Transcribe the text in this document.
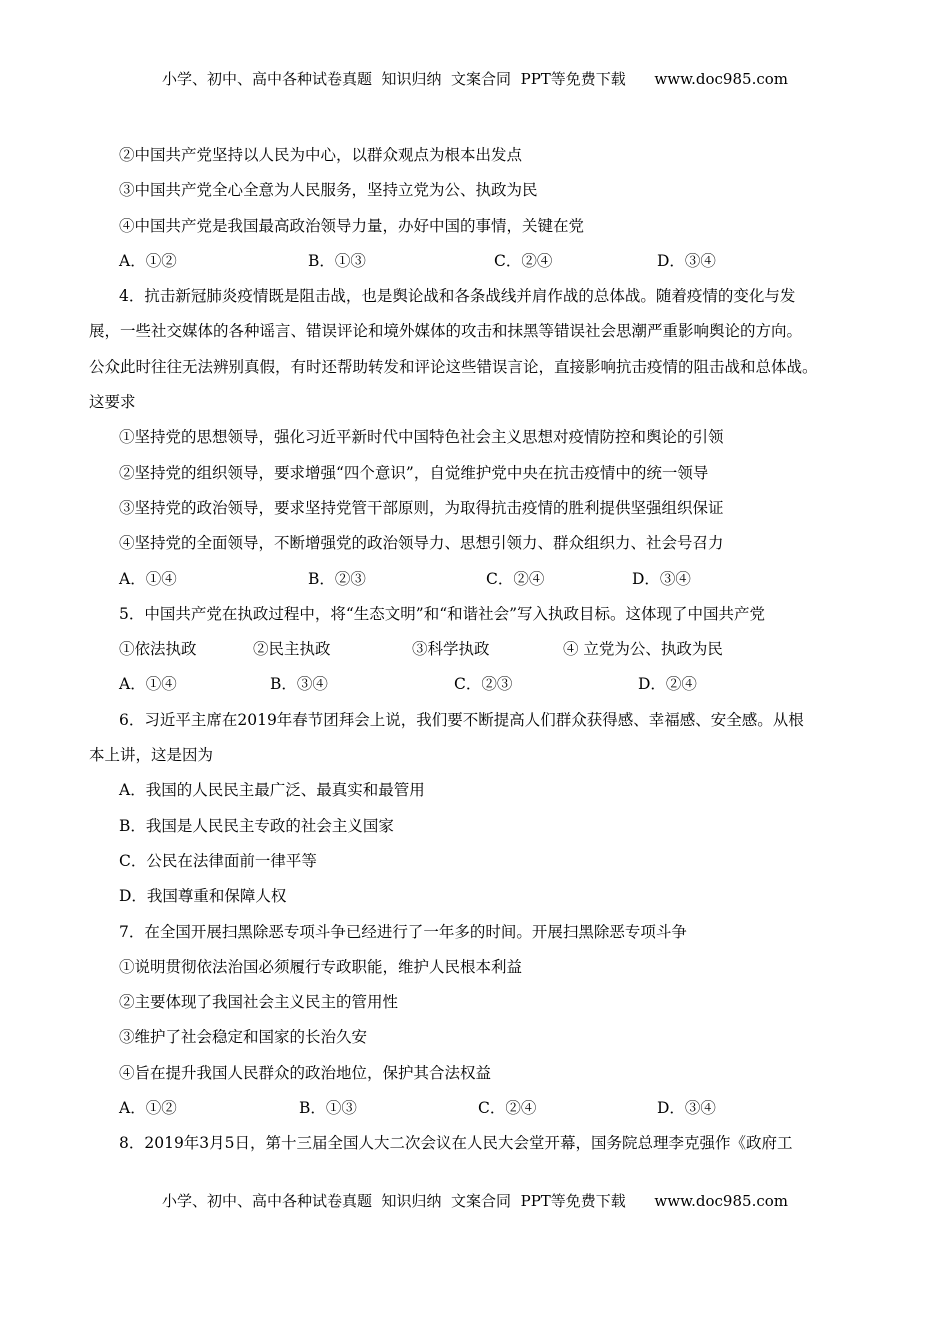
小学、初中、高中各种试卷真题  知识归纳  文案合同  PPT等免费下载      www.doc985.com
②中国共产党坚持以人民为中心，以群众观点为根本出发点
③中国共产党全心全意为人民服务，坚持立党为公、执政为民
④中国共产党是我国最高政治领导力量，办好中国的事情，关键在党
A．①②	B．①③	C．②④	D．③④
4．抗击新冠肺炎疫情既是阻击战，也是舆论战和各条战线并肩作战的总体战。随着疫情的变化与发
展，一些社交媒体的各种谣言、错误评论和境外媒体的攻击和抹黑等错误社会思潮严重影响舆论的方向。
公众此时往往无法辨别真假，有时还帮助转发和评论这些错误言论，直接影响抗击疫情的阻击战和总体战。
这要求
①坚持党的思想领导，强化习近平新时代中国特色社会主义思想对疫情防控和舆论的引领
②坚持党的组织领导，要求增强“四个意识”，自觉维护党中央在抗击疫情中的统一领导
③坚持党的政治领导，要求坚持党管干部原则，为取得抗击疫情的胜利提供坚强组织保证
④坚持党的全面领导，不断增强党的政治领导力、思想引领力、群众组织力、社会号召力
A．①④	B．②③	C．②④	D．③④
5．中国共产党在执政过程中，将“生态文明”和“和谐社会”写入执政目标。这体现了中国共产党
①依法执政	②民主执政	③科学执政	④ 立党为公、执政为民
A．①④	B．③④	C．②③	D．②④
6．习近平主席在2019年春节团拜会上说，我们要不断提高人们群众获得感、幸福感、安全感。从根
本上讲，这是因为
A．我国的人民民主最广泛、最真实和最管用
B．我国是人民民主专政的社会主义国家
C．公民在法律面前一律平等
D．我国尊重和保障人权
7．在全国开展扫黑除恶专项斗争已经进行了一年多的时间。开展扫黑除恶专项斗争
①说明贯彻依法治国必须履行专政职能，维护人民根本利益
②主要体现了我国社会主义民主的管用性
③维护了社会稳定和国家的长治久安
④旨在提升我国人民群众的政治地位，保护其合法权益
A．①②	B．①③	C．②④	D．③④
8．2019年3月5日，第十三届全国人大二次会议在人民大会堂开幕，国务院总理李克强作《政府工
小学、初中、高中各种试卷真题  知识归纳  文案合同  PPT等免费下载      www.doc985.com
